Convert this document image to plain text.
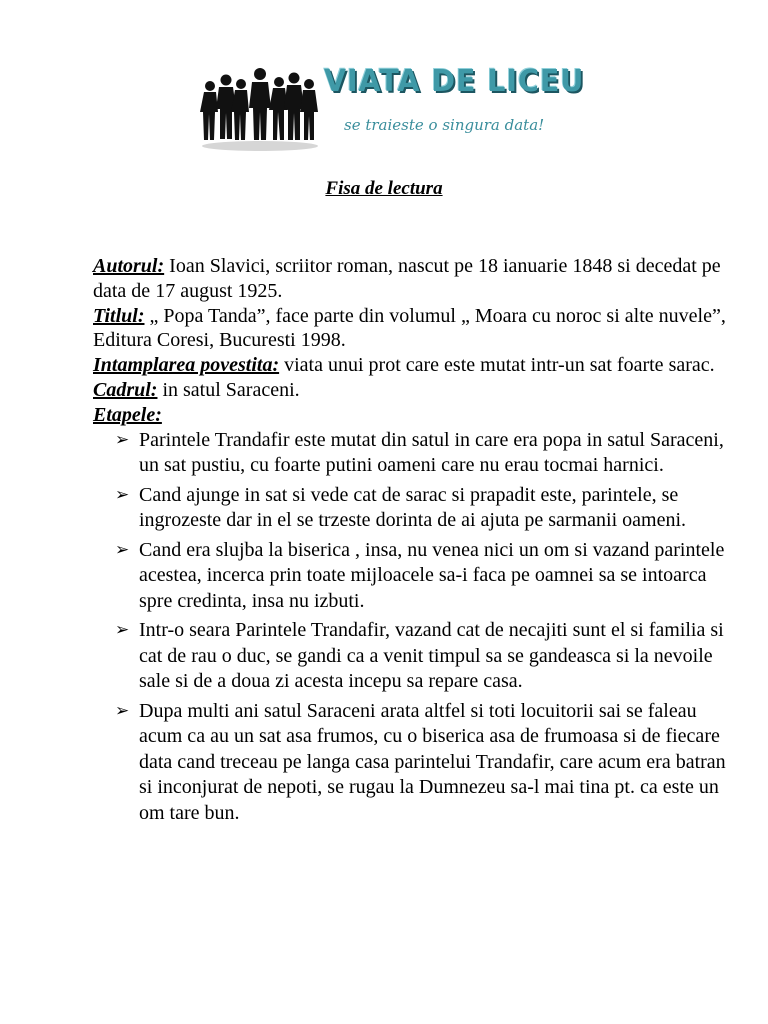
VIATA DE LICEU
se traieste o singura data!
Fisa de lectura

Autorul: Ioan Slavici, scriitor roman, nascut pe 18 ianuarie 1848 si decedat pe data de 17 august 1925.

Titlul: „ Popa Tanda”, face parte din volumul „ Moara cu noroc si alte nuvele”, Editura Coresi, Bucuresti 1998.

Intamplarea povestita: viata unui prot care este mutat intr-un sat foarte sarac.

Cadrul: in satul Saraceni.

Etapele:

➢ Parintele Trandafir este mutat din satul in care era popa in satul Saraceni, un sat pustiu, cu foarte putini oameni care nu erau tocmai harnici.
➢ Cand ajunge in sat si vede cat de sarac si prapadit este, parintele, se ingrozeste dar in el se trzeste dorinta de ai ajuta pe sarmanii oameni.
➢ Cand era slujba la biserica , insa, nu venea nici un om si vazand parintele acestea, incerca prin toate mijloacele sa-i faca pe oamnei sa se intoarca spre credinta, insa nu izbuti.
➢ Intr-o seara Parintele Trandafir, vazand cat de necajiti sunt el si familia si cat de rau o duc, se gandi ca a venit timpul sa se gandeasca si la nevoile sale si de a doua zi acesta incepu sa repare casa.
➢ Dupa multi ani satul Saraceni arata altfel si toti locuitorii sai se faleau acum ca au un sat asa frumos, cu o biserica asa de frumoasa si de fiecare data cand treceau pe langa casa parintelui Trandafir, care acum era batran si inconjurat de nepoti, se rugau la Dumnezeu sa-l mai tina pt. ca este un om tare bun.
